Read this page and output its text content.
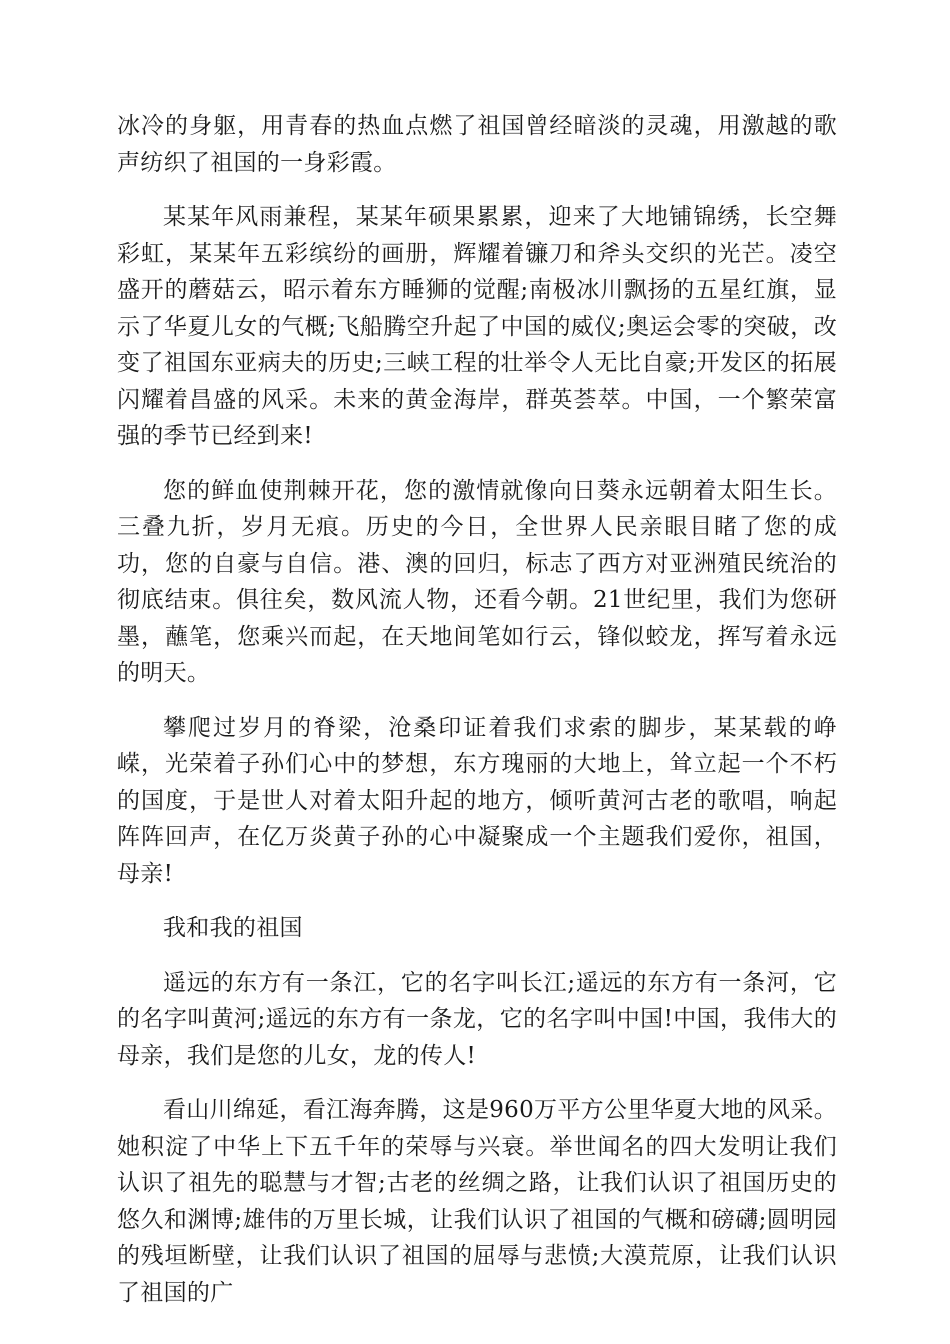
冰冷的身躯，用青春的热血点燃了祖国曾经暗淡的灵魂，用激越的歌声纺织了祖国的一身彩霞。

某某年风雨兼程，某某年硕果累累，迎来了大地铺锦绣，长空舞彩虹，某某年五彩缤纷的画册，辉耀着镰刀和斧头交织的光芒。凌空盛开的蘑菇云，昭示着东方睡狮的觉醒;南极冰川飘扬的五星红旗，显示了华夏儿女的气概;飞船腾空升起了中国的威仪;奥运会零的突破，改变了祖国东亚病夫的历史;三峡工程的壮举令人无比自豪;开发区的拓展闪耀着昌盛的风采。未来的黄金海岸，群英荟萃。中国，一个繁荣富强的季节已经到来!

您的鲜血使荆棘开花，您的激情就像向日葵永远朝着太阳生长。三叠九折，岁月无痕。历史的今日，全世界人民亲眼目睹了您的成功，您的自豪与自信。港、澳的回归，标志了西方对亚洲殖民统治的彻底结束。俱往矣，数风流人物，还看今朝。21世纪里，我们为您研墨，蘸笔，您乘兴而起，在天地间笔如行云，锋似蛟龙，挥写着永远的明天。

攀爬过岁月的脊梁，沧桑印证着我们求索的脚步，某某载的峥嵘，光荣着子孙们心中的梦想，东方瑰丽的大地上，耸立起一个不朽的国度，于是世人对着太阳升起的地方，倾听黄河古老的歌唱，响起阵阵回声，在亿万炎黄子孙的心中凝聚成一个主题我们爱你，祖国，母亲!

我和我的祖国

遥远的东方有一条江，它的名字叫长江;遥远的东方有一条河，它的名字叫黄河;遥远的东方有一条龙，它的名字叫中国!中国，我伟大的母亲，我们是您的儿女，龙的传人!

看山川绵延，看江海奔腾，这是960万平方公里华夏大地的风采。她积淀了中华上下五千年的荣辱与兴衰。举世闻名的四大发明让我们认识了祖先的聪慧与才智;古老的丝绸之路，让我们认识了祖国历史的悠久和渊博;雄伟的万里长城，让我们认识了祖国的气概和磅礴;圆明园的残垣断壁，让我们认识了祖国的屈辱与悲愤;大漠荒原，让我们认识了祖国的广
